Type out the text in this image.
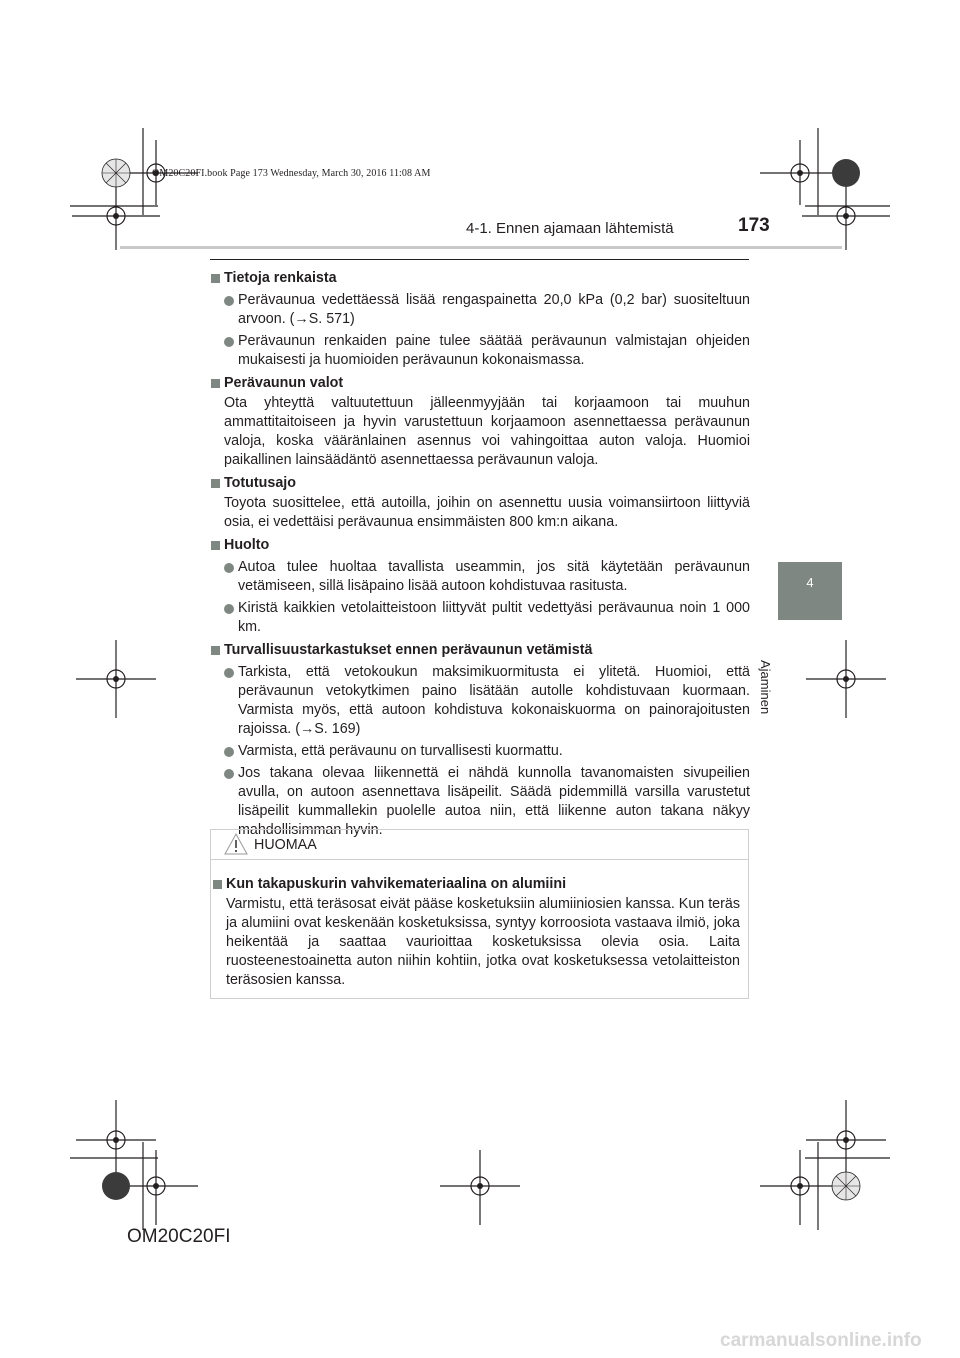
OM20C20FI.book Page 173 Wednesday, March 30, 2016 11:08 AM
4-1. Ennen ajamaan lähtemistä	173
4
Ajaminen
Tietoja renkaista
Perävaunua vedettäessä lisää rengaspainetta 20,0 kPa (0,2 bar) suositeltuun arvoon. (→S. 571)
Perävaunun renkaiden paine tulee säätää perävaunun valmistajan ohjeiden mukaisesti ja huomioiden perävaunun kokonaismassa.
Perävaunun valot
Ota yhteyttä valtuutettuun jälleenmyyjään tai korjaamoon tai muuhun ammattitaitoiseen ja hyvin varustettuun korjaamoon asennettaessa perävaunun valoja, koska vääränlainen asennus voi vahingoittaa auton valoja. Huomioi paikallinen lainsäädäntö asennettaessa perävaunun valoja.
Totutusajo
Toyota suosittelee, että autoilla, joihin on asennettu uusia voimansiirtoon liittyviä osia, ei vedettäisi perävaunua ensimmäisten 800 km:n aikana.
Huolto
Autoa tulee huoltaa tavallista useammin, jos sitä käytetään perävaunun vetämiseen, sillä lisäpaino lisää autoon kohdistuvaa rasitusta.
Kiristä kaikkien vetolaitteistoon liittyvät pultit vedettyäsi perävaunua noin 1 000 km.
Turvallisuustarkastukset ennen perävaunun vetämistä
Tarkista, että vetokoukun maksimikuormitusta ei ylitetä. Huomioi, että perävaunun vetokytkimen paino lisätään autolle kohdistuvaan kuormaan. Varmista myös, että autoon kohdistuva kokonaiskuorma on painorajoitusten rajoissa. (→S. 169)
Varmista, että perävaunu on turvallisesti kuormattu.
Jos takana olevaa liikennettä ei nähdä kunnolla tavanomaisten sivupeilien avulla, on autoon asennettava lisäpeilit. Säädä pidemmillä varsilla varustetut lisäpeilit kummallekin puolelle autoa niin, että liikenne auton takana näkyy mahdollisimman hyvin.
HUOMAA
Kun takapuskurin vahvikemateriaalina on alumiini
Varmistu, että teräsosat eivät pääse kosketuksiin alumiiniosien kanssa. Kun teräs ja alumiini ovat keskenään kosketuksissa, syntyy korroosiota vastaava ilmiö, joka heikentää ja saattaa vaurioittaa kosketuksissa olevia osia. Laita ruosteenestoainetta auton niihin kohtiin, jotka ovat kosketuksessa vetolaitteiston teräsosien kanssa.
OM20C20FI
carmanualsonline.info
